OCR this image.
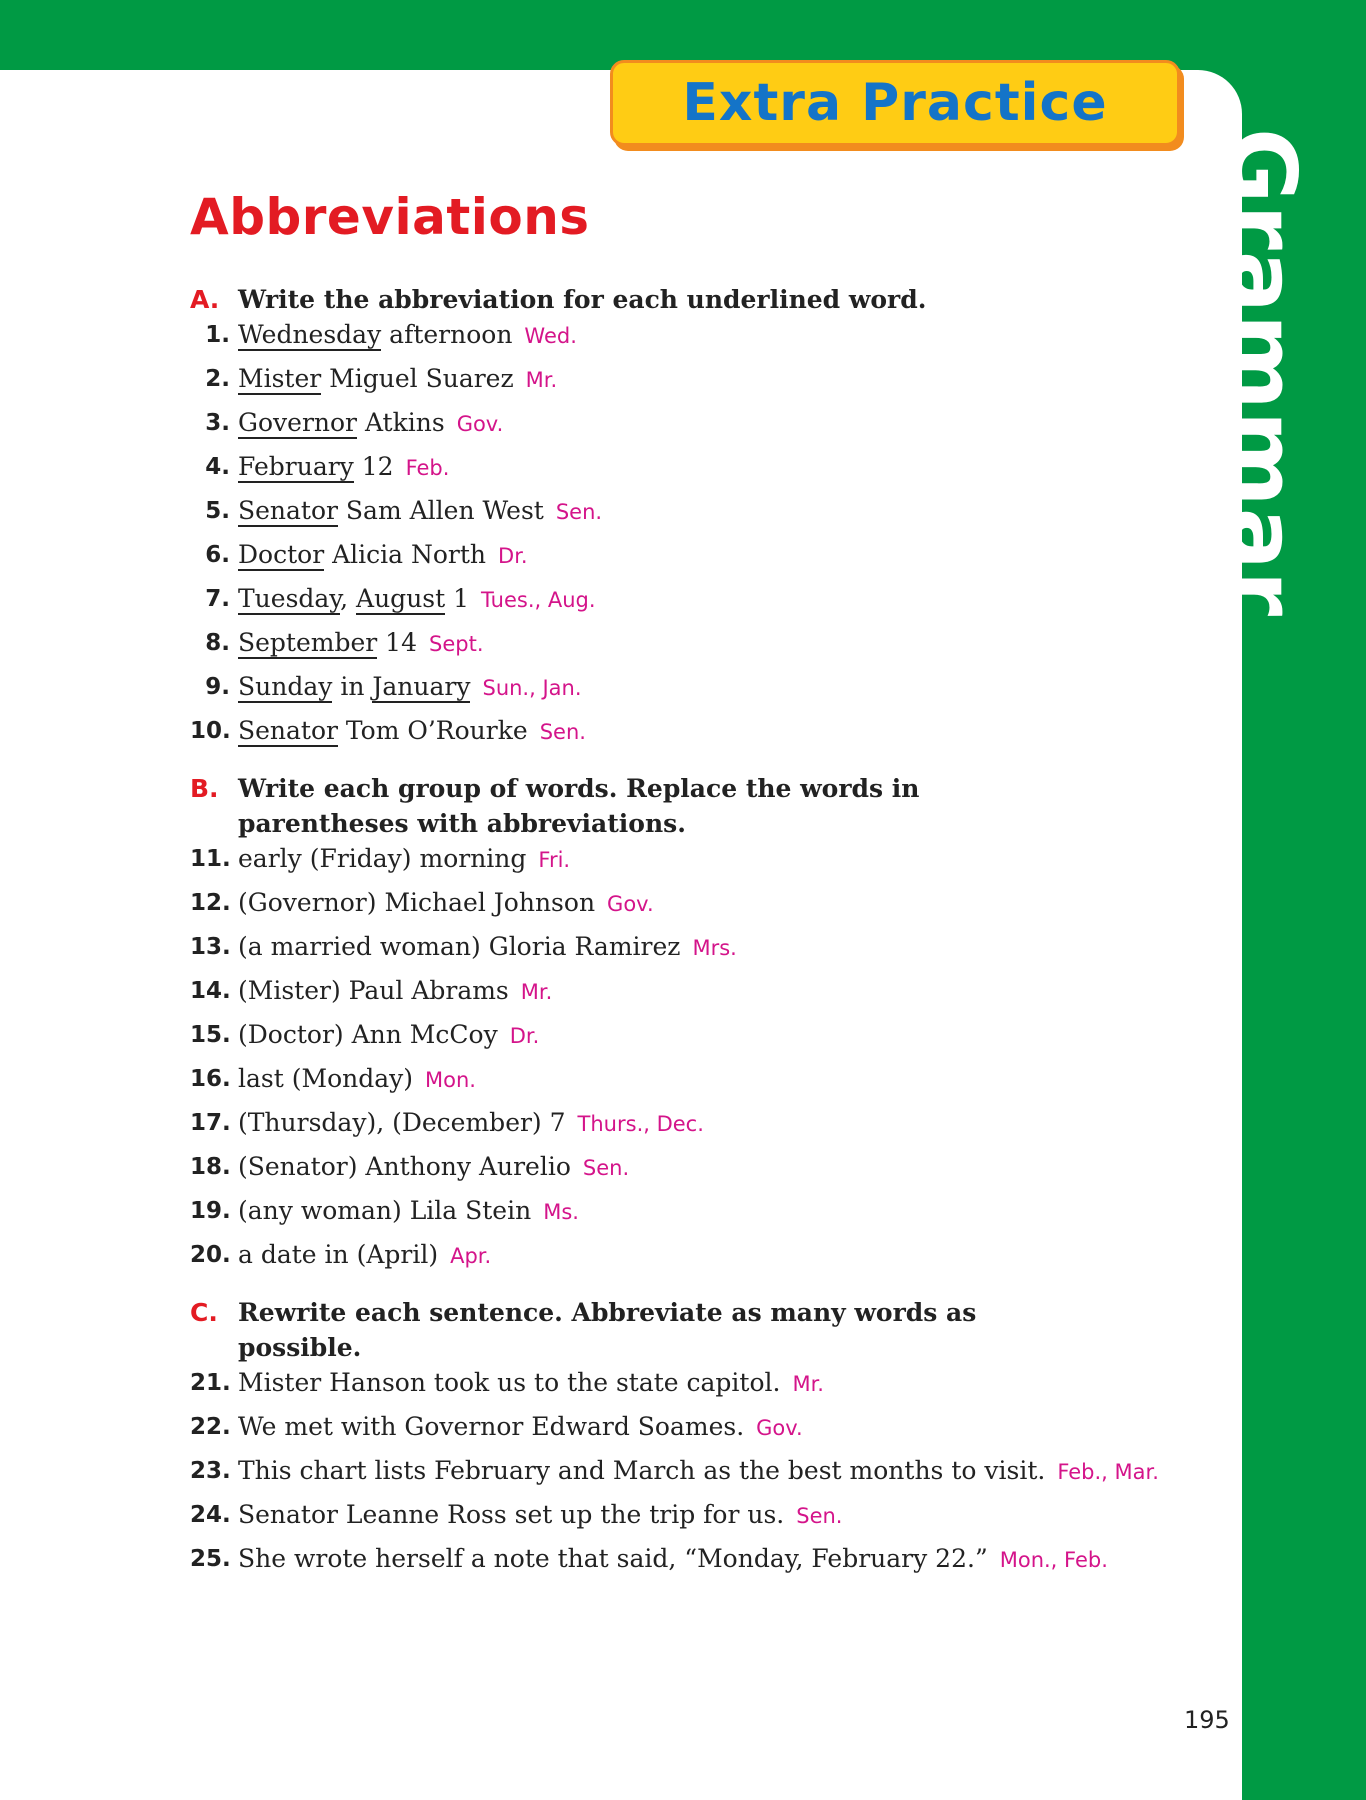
Grammar
Extra Practice
Abbreviations
A. Write the abbreviation for each underlined word.
1. Wednesday afternoon Wed.
2. Mister Miguel Suarez Mr.
3. Governor Atkins Gov.
4. February 12 Feb.
5. Senator Sam Allen West Sen.
6. Doctor Alicia North Dr.
7. Tuesday, August 1 Tues., Aug.
8. September 14 Sept.
9. Sunday in January Sun., Jan.
10. Senator Tom O’Rourke Sen.
B. Write each group of words. Replace the words in parentheses with abbreviations.
11. early (Friday) morning Fri.
12. (Governor) Michael Johnson Gov.
13. (a married woman) Gloria Ramirez Mrs.
14. (Mister) Paul Abrams Mr.
15. (Doctor) Ann McCoy Dr.
16. last (Monday) Mon.
17. (Thursday), (December) 7 Thurs., Dec.
18. (Senator) Anthony Aurelio Sen.
19. (any woman) Lila Stein Ms.
20. a date in (April) Apr.
C. Rewrite each sentence. Abbreviate as many words as possible.
21. Mister Hanson took us to the state capitol. Mr.
22. We met with Governor Edward Soames. Gov.
23. This chart lists February and March as the best months to visit. Feb., Mar.
24. Senator Leanne Ross set up the trip for us. Sen.
25. She wrote herself a note that said, “Monday, February 22.” Mon., Feb.
195
